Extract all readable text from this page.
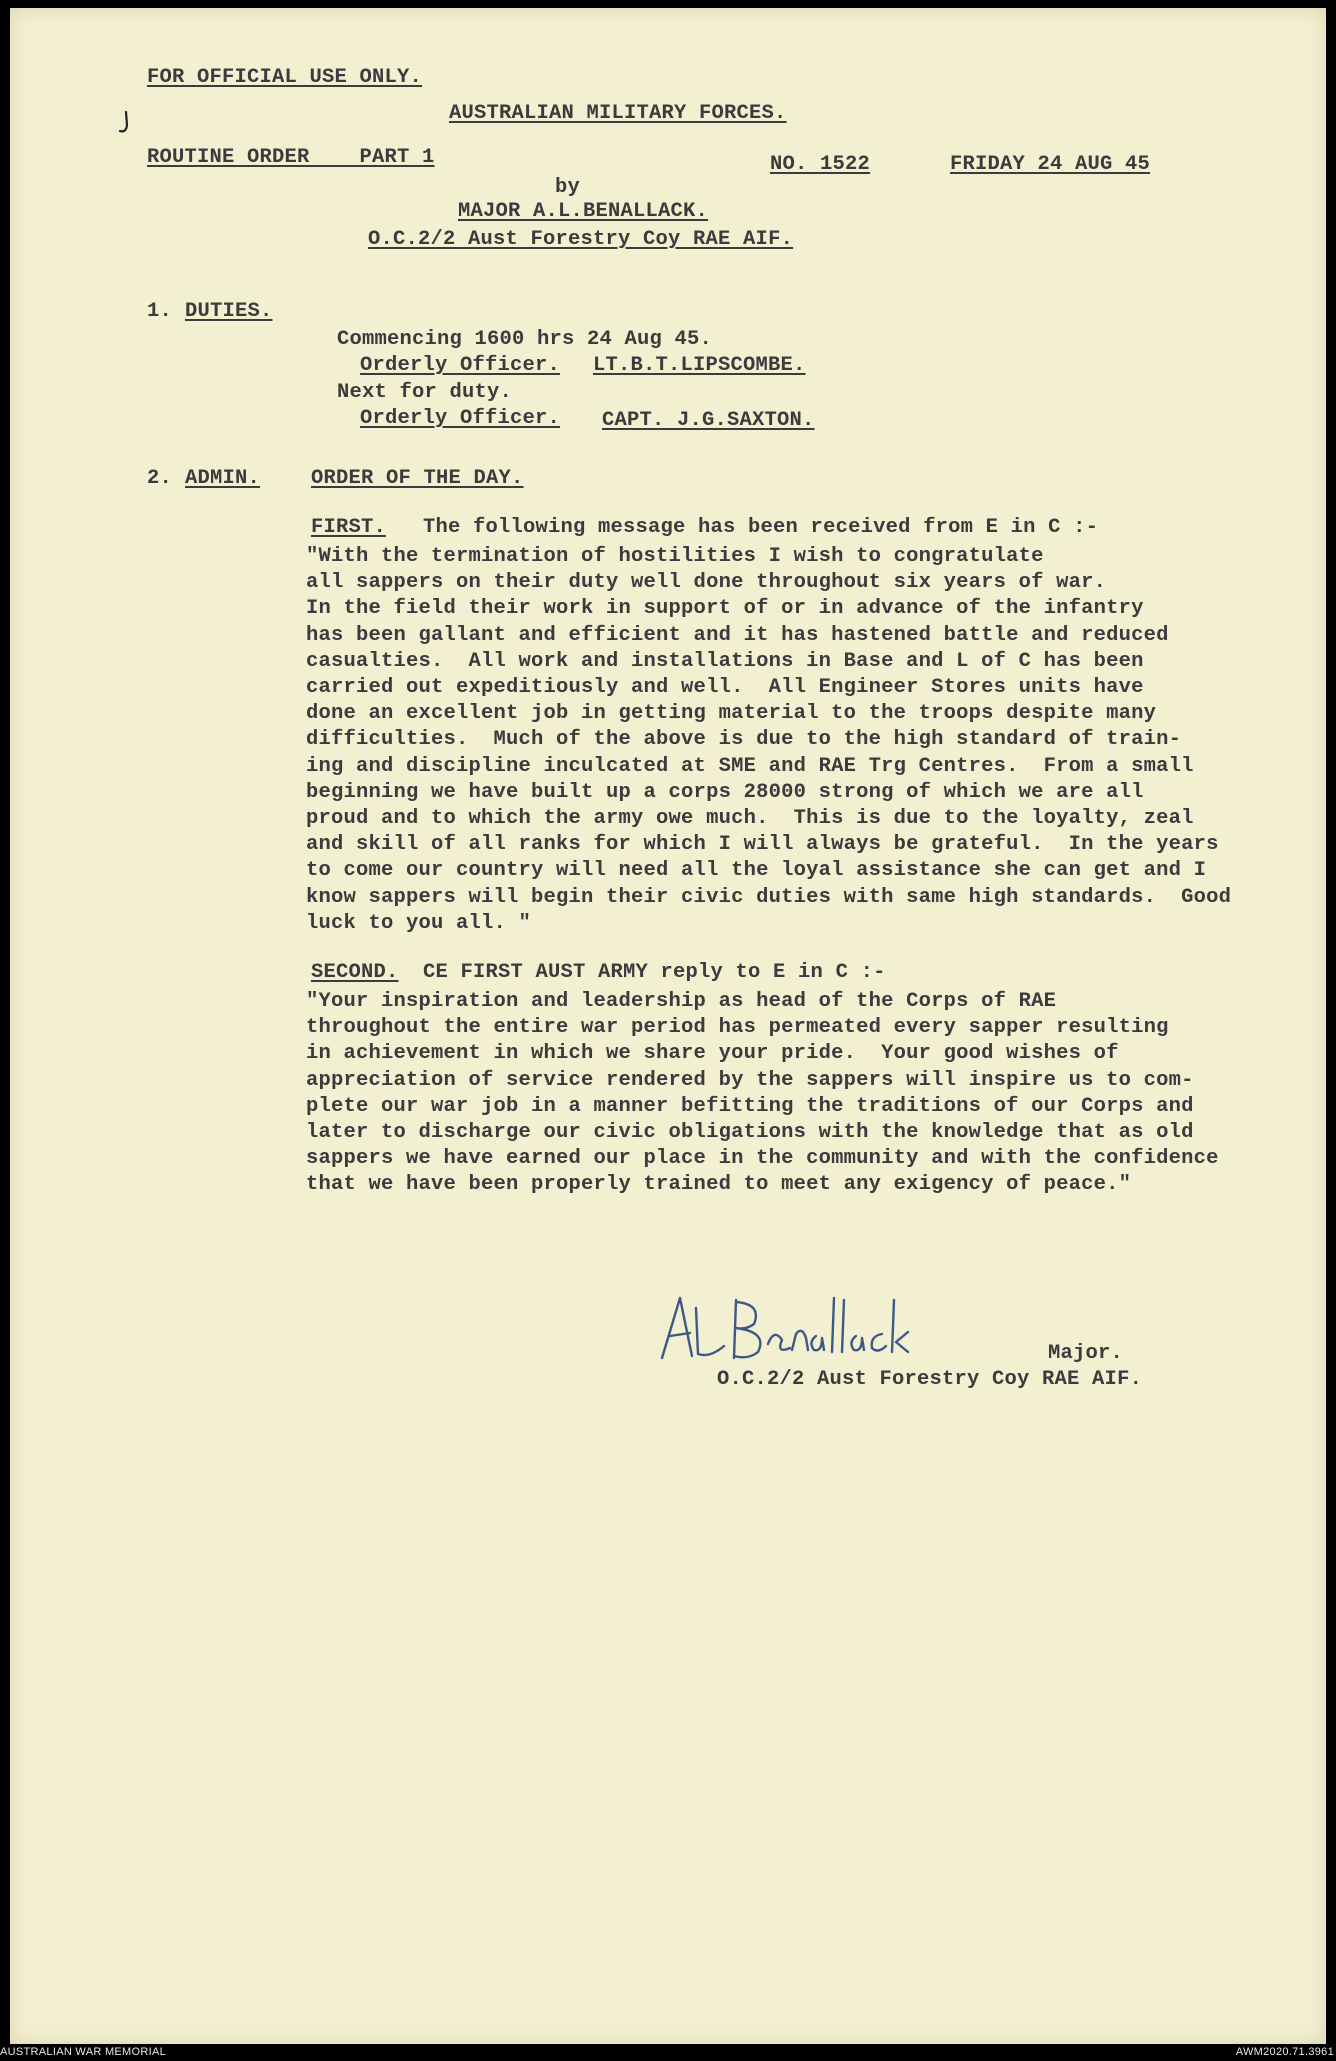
FOR OFFICIAL USE ONLY.
AUSTRALIAN MILITARY FORCES.
ROUTINE ORDER    PART 1	NO. 1522	FRIDAY 24 AUG 45
by
MAJOR A.L.BENALLACK.
O.C.2/2 Aust Forestry Coy RAE AIF.
1. DUTIES.
Commencing 1600 hrs 24 Aug 45.
Orderly Officer. LT.B.T.LIPSCOMBE.
Next for duty.
Orderly Officer. CAPT. J.G.SAXTON.
2. ADMIN. ORDER OF THE DAY.
FIRST. The following message has been received from E in C :-
"With the termination of hostilities I wish to congratulate
all sappers on their duty well done throughout six years of war.
In the field their work in support of or in advance of the infantry
has been gallant and efficient and it has hastened battle and reduced
casualties.  All work and installations in Base and L of C has been
carried out expeditiously and well.  All Engineer Stores units have
done an excellent job in getting material to the troops despite many
difficulties.  Much of the above is due to the high standard of train-
ing and discipline inculcated at SME and RAE Trg Centres.  From a small
beginning we have built up a corps 28000 strong of which we are all
proud and to which the army owe much.  This is due to the loyalty, zeal
and skill of all ranks for which I will always be grateful.  In the years
to come our country will need all the loyal assistance she can get and I
know sappers will begin their civic duties with same high standards.  Good
luck to you all. "
SECOND. CE FIRST AUST ARMY reply to E in C :-
"Your inspiration and leadership as head of the Corps of RAE
throughout the entire war period has permeated every sapper resulting
in achievement in which we share your pride.  Your good wishes of
appreciation of service rendered by the sappers will inspire us to com-
plete our war job in a manner befitting the traditions of our Corps and
later to discharge our civic obligations with the knowledge that as old
sappers we have earned our place in the community and with the confidence
that we have been properly trained to meet any exigency of peace."
Major.
O.C.2/2 Aust Forestry Coy RAE AIF.
AUSTRALIAN WAR MEMORIAL	AWM2020.71.3961
